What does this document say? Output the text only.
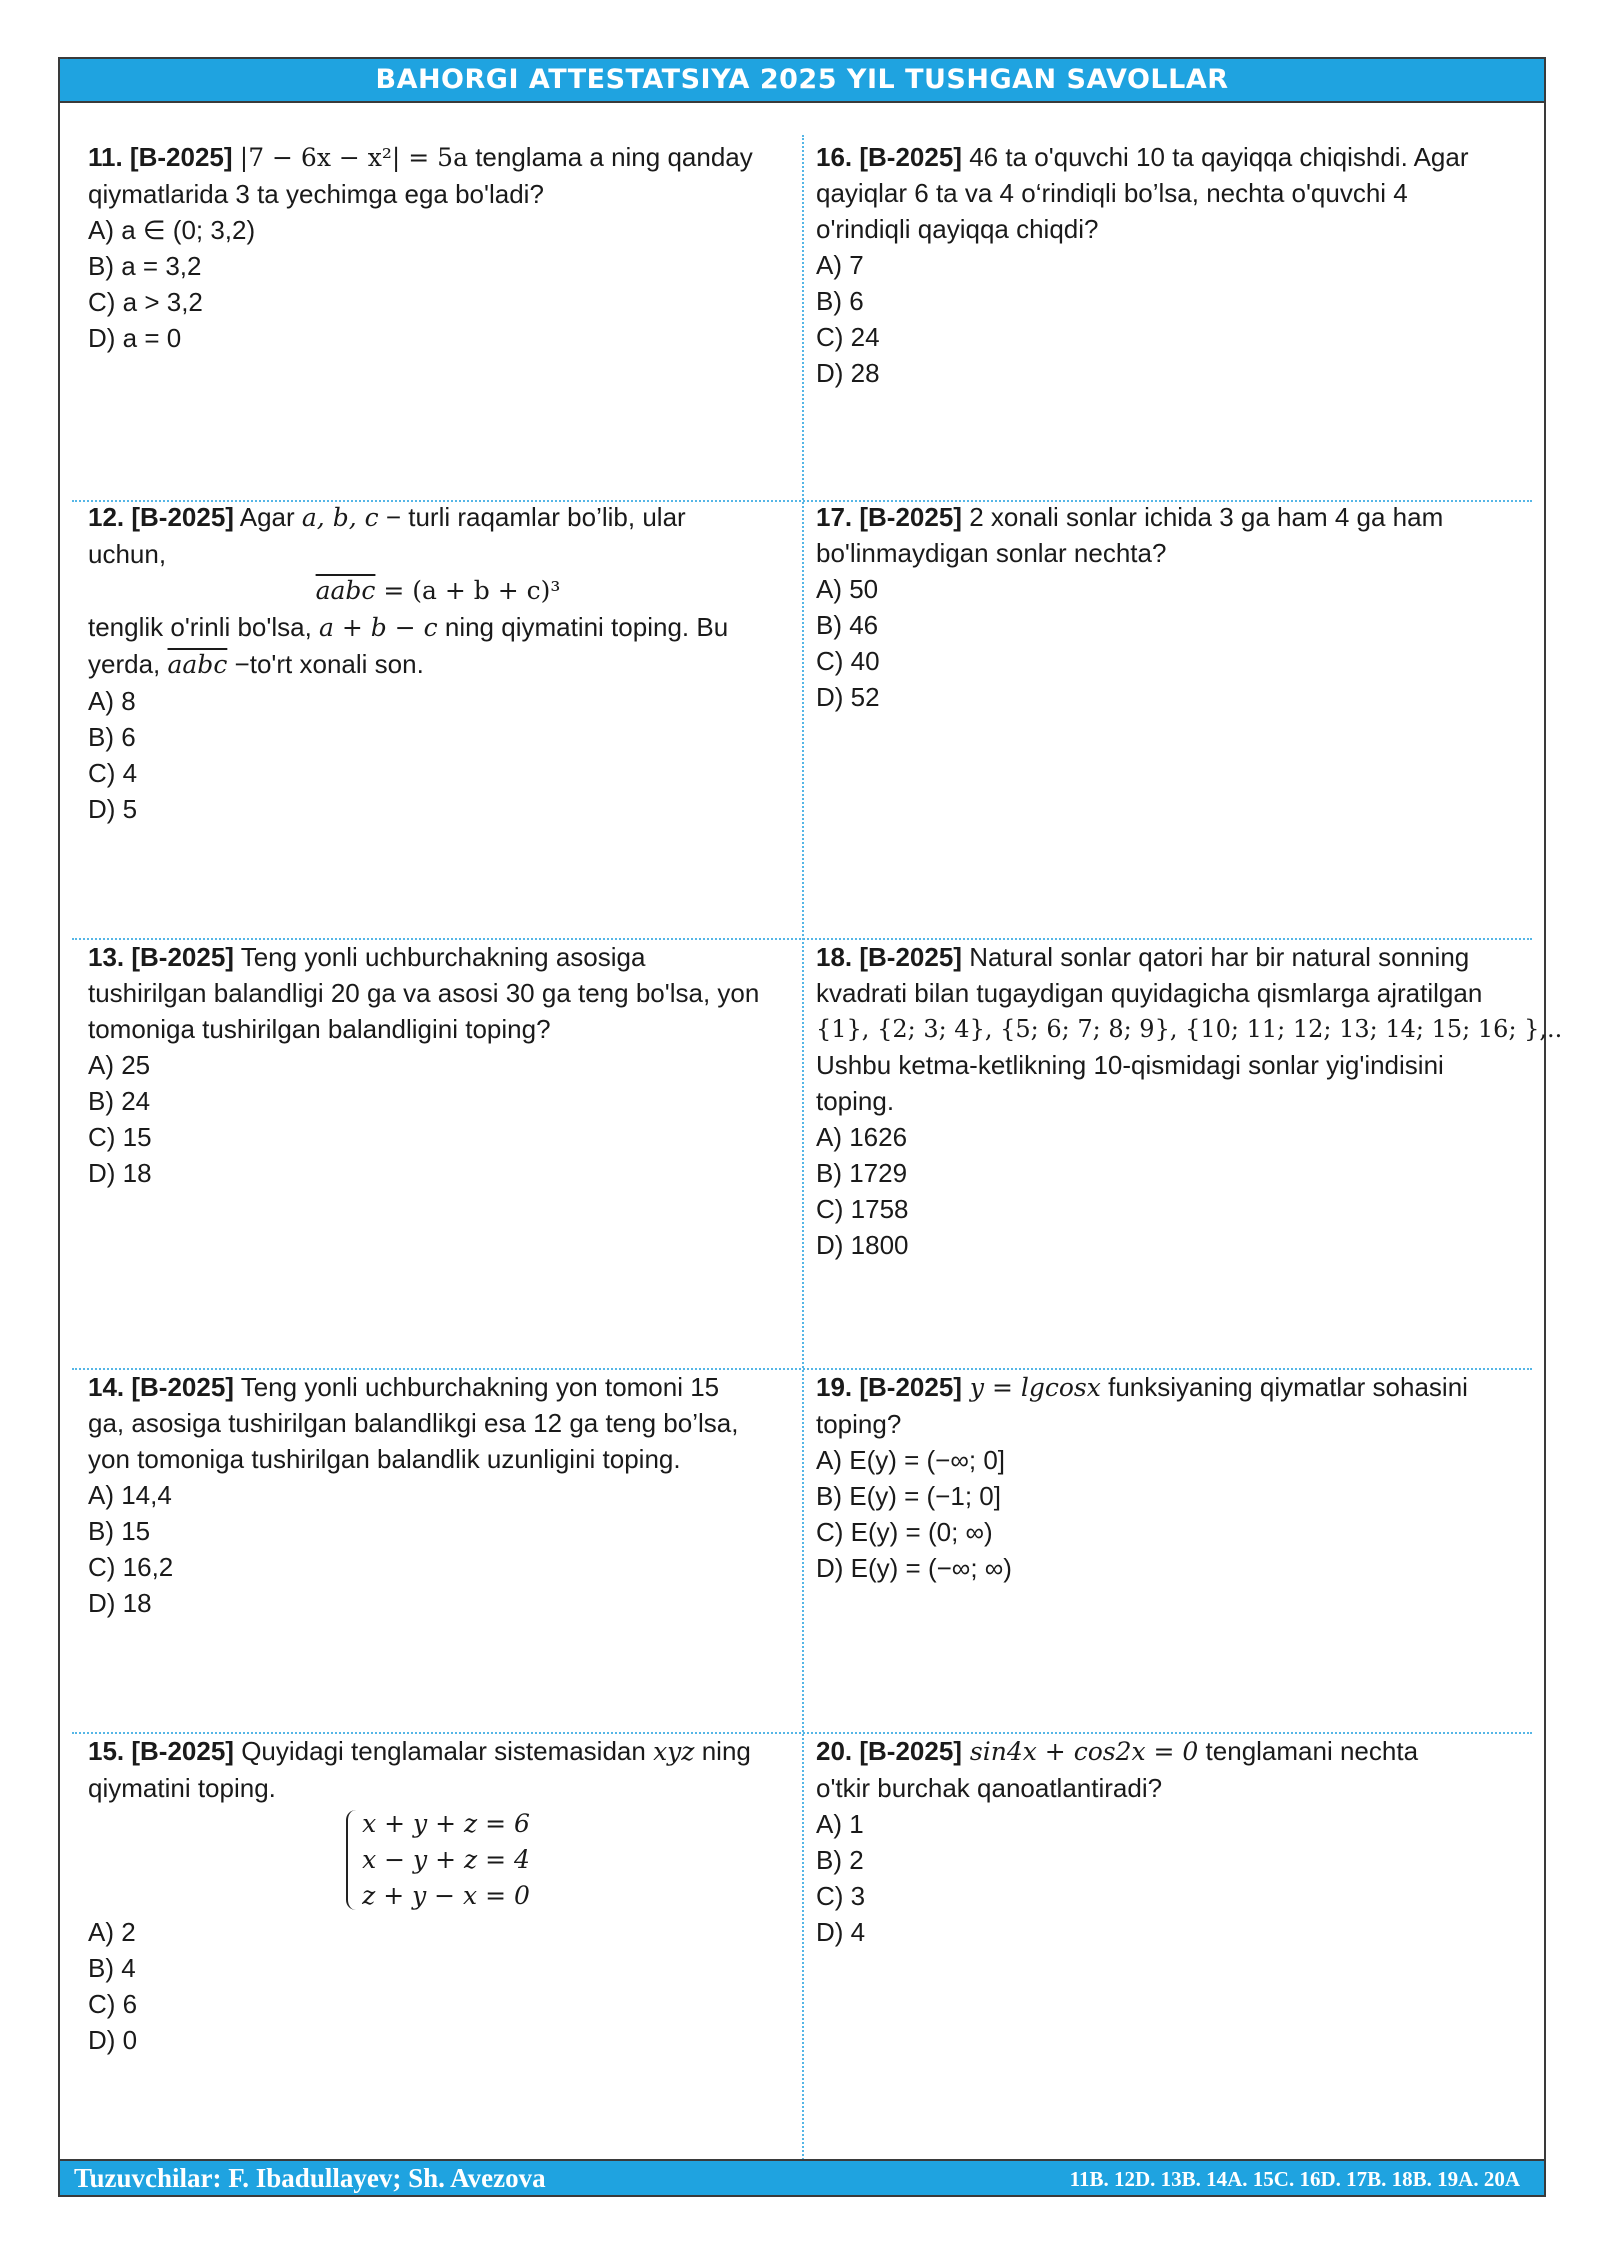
BAHORGI ATTESTATSIYA 2025 YIL TUSHGAN SAVOLLAR
11. [B-2025] |7 − 6x − x²| = 5a tenglama a ning qanday
qiymatlarida 3 ta yechimga ega bo'ladi?
A) a ∈ (0; 3,2)
B) a = 3,2
C) a > 3,2
D) a = 0
12. [B-2025] Agar a, b, c − turli raqamlar bo’lib, ular
uchun,
aabc = (a + b + c)³
tenglik o'rinli bo'lsa, a + b − c ning qiymatini toping. Bu
yerda, aabc −to'rt xonali son.
A) 8
B) 6
C) 4
D) 5
13. [B-2025] Teng yonli uchburchakning asosiga
tushirilgan balandligi 20 ga va asosi 30 ga teng bo'lsa, yon
tomoniga tushirilgan balandligini toping?
A) 25
B) 24
C) 15
D) 18
14. [B-2025] Teng yonli uchburchakning yon tomoni 15
ga, asosiga tushirilgan balandlikgi esa 12 ga teng bo’lsa,
yon tomoniga tushirilgan balandlik uzunligini toping.
A) 14,4
B) 15
C) 16,2
D) 18
15. [B-2025] Quyidagi tenglamalar sistemasidan xyz ning
qiymatini toping.
x + y + z = 6
x − y + z = 4
z + y − x = 0
A) 2
B) 4
C) 6
D) 0
16. [B-2025] 46 ta o'quvchi 10 ta qayiqqa chiqishdi. Agar
qayiqlar 6 ta va 4 o‘rindiqli bo’lsa, nechta o'quvchi 4
o'rindiqli qayiqqa chiqdi?
A) 7
B) 6
C) 24
D) 28
17. [B-2025] 2 xonali sonlar ichida 3 ga ham 4 ga ham
bo'linmaydigan sonlar nechta?
A) 50
B) 46
C) 40
D) 52
18. [B-2025] Natural sonlar qatori har bir natural sonning
kvadrati bilan tugaydigan quyidagicha qismlarga ajratilgan
{1}, {2; 3; 4}, {5; 6; 7; 8; 9}, {10; 11; 12; 13; 14; 15; 16; },..
Ushbu ketma-ketlikning 10-qismidagi sonlar yig'indisini
toping.
A) 1626
B) 1729
C) 1758
D) 1800
19. [B-2025] y = lgcosx funksiyaning qiymatlar sohasini
toping?
A) E(y) = (−∞; 0]
B) E(y) = (−1; 0]
C) E(y) = (0; ∞)
D) E(y) = (−∞; ∞)
20. [B-2025] sin4x + cos2x = 0 tenglamani nechta
o'tkir burchak qanoatlantiradi?
A) 1
B) 2
C) 3
D) 4
Tuzuvchilar: F. Ibadullayev; Sh. Avezova	11B. 12D. 13B. 14A. 15C. 16D. 17B. 18B. 19A. 20A
